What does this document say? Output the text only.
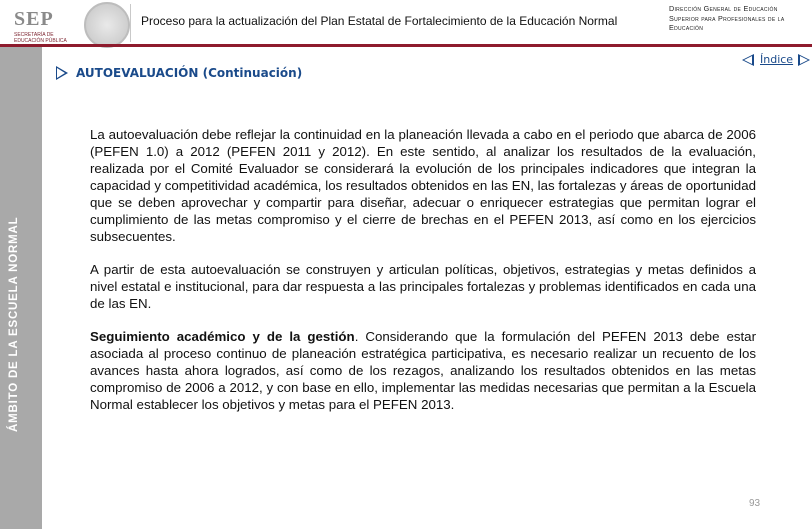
SEP
SECRETARÍA DE EDUCACIÓN PÚBLICA
Proceso para la actualización del Plan Estatal de Fortalecimiento de la Educación Normal
Dirección General de Educación Superior para Profesionales de la Educación
ÁMBITO DE LA ESCUELA NORMAL
AUTOEVALUACIÓN (Continuación)
Índice

La autoevaluación debe reflejar la continuidad en la planeación llevada a cabo en el periodo que abarca de 2006 (PEFEN 1.0) a 2012 (PEFEN 2011 y 2012). En este sentido, al analizar los resultados de la evaluación, realizada por el Comité Evaluador se considerará la evolución de los principales indicadores que integran la capacidad y competitividad académica, los resultados obtenidos en las EN, las fortalezas y áreas de oportunidad que se deben aprovechar y compartir para diseñar, adecuar o enriquecer estrategias que permitan lograr el cumplimiento de las metas compromiso y el cierre de brechas en el PEFEN 2013, así como en los ejercicios subsecuentes.

A partir de esta autoevaluación se construyen y articulan políticas, objetivos, estrategias y metas definidos a nivel estatal e institucional, para dar respuesta a las principales fortalezas y problemas identificados en cada una de las EN.

Seguimiento académico y de la gestión. Considerando que la formulación del PEFEN 2013 debe estar asociada al proceso continuo de planeación estratégica participativa, es necesario realizar un recuento de los avances hasta ahora logrados, así como de los rezagos, analizando los resultados obtenidos en las metas compromiso de 2006 a 2012, y con base en ello, implementar las medidas necesarias que permitan a la Escuela Normal establecer los objetivos y metas para el PEFEN 2013.

93
